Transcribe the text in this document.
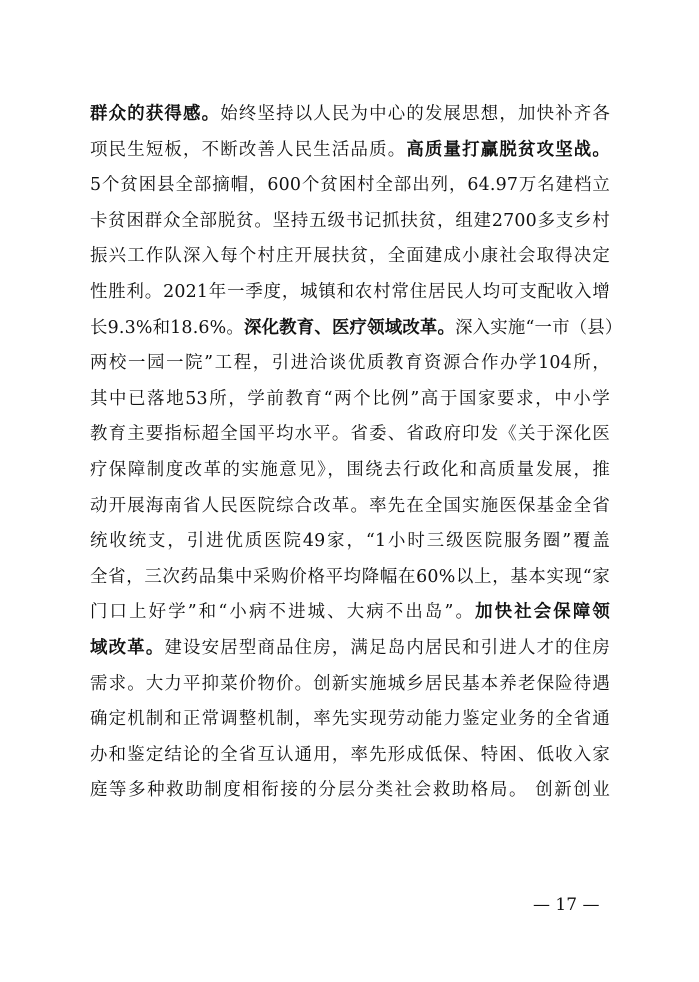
群众的获得感。始终坚持以人民为中心的发展思想，加快补齐各
项民生短板，不断改善人民生活品质。高质量打赢脱贫攻坚战。
5个贫困县全部摘帽，600个贫困村全部出列，64.97万名建档立
卡贫困群众全部脱贫。坚持五级书记抓扶贫，组建2700多支乡村
振兴工作队深入每个村庄开展扶贫，全面建成小康社会取得决定
性胜利。2021年一季度，城镇和农村常住居民人均可支配收入增
长9.3%和18.6%。深化教育、医疗领域改革。深入实施“一市（县）
两校一园一院”工程，引进洽谈优质教育资源合作办学104所，
其中已落地53所，学前教育“两个比例”高于国家要求，中小学
教育主要指标超全国平均水平。省委、省政府印发《关于深化医
疗保障制度改革的实施意见》，围绕去行政化和高质量发展，推
动开展海南省人民医院综合改革。率先在全国实施医保基金全省
统收统支，引进优质医院49家，“1小时三级医院服务圈”覆盖
全省，三次药品集中采购价格平均降幅在60%以上，基本实现“家
门口上好学”和“小病不进城、大病不出岛”。加快社会保障领
域改革。建设安居型商品住房，满足岛内居民和引进人才的住房
需求。大力平抑菜价物价。创新实施城乡居民基本养老保险待遇
确定机制和正常调整机制，率先实现劳动能力鉴定业务的全省通
办和鉴定结论的全省互认通用，率先形成低保、特困、低收入家
庭等多种救助制度相衔接的分层分类社会救助格局。 创新创业
— 17 —
